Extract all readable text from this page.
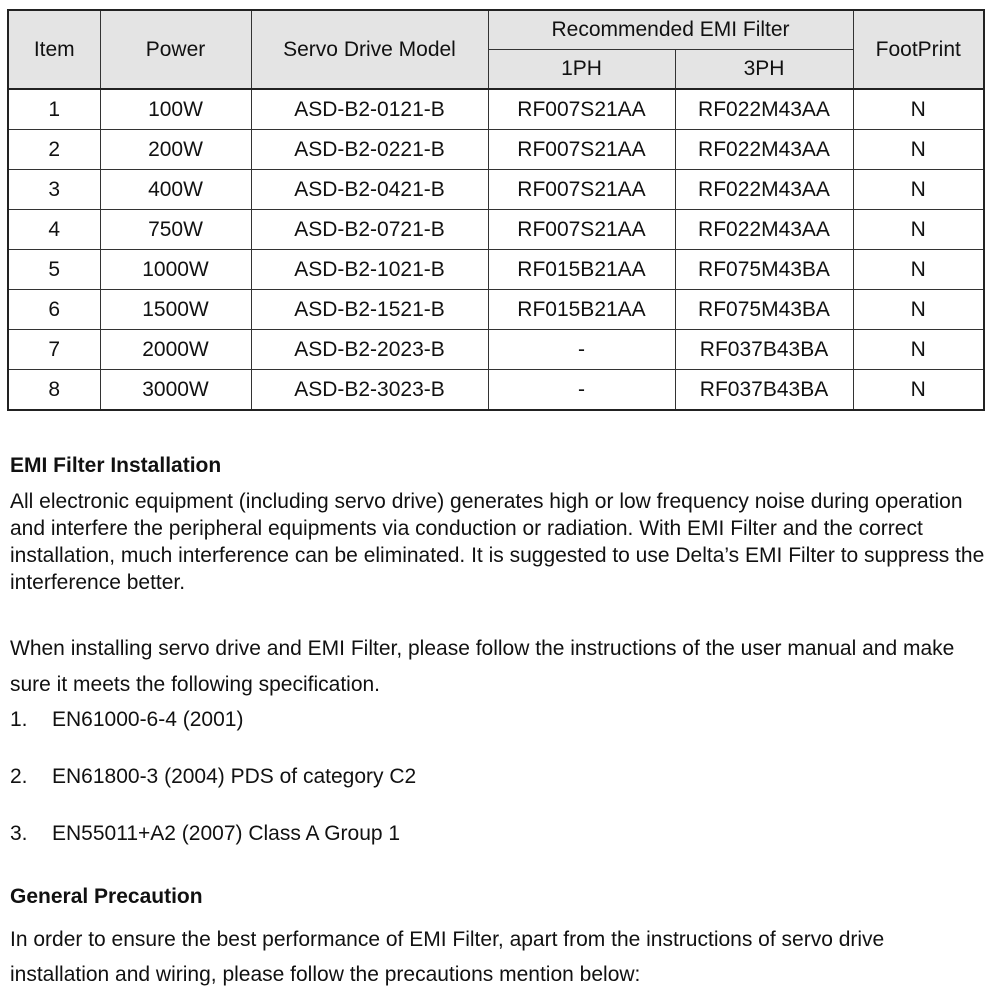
Item	Power	Servo Drive Model	Recommended EMI Filter		FootPrint
			1PH	3PH	
1	100W	ASD-B2-0121-B	RF007S21AA	RF022M43AA	N
2	200W	ASD-B2-0221-B	RF007S21AA	RF022M43AA	N
3	400W	ASD-B2-0421-B	RF007S21AA	RF022M43AA	N
4	750W	ASD-B2-0721-B	RF007S21AA	RF022M43AA	N
5	1000W	ASD-B2-1021-B	RF015B21AA	RF075M43BA	N
6	1500W	ASD-B2-1521-B	RF015B21AA	RF075M43BA	N
7	2000W	ASD-B2-2023-B	-	RF037B43BA	N
8	3000W	ASD-B2-3023-B	-	RF037B43BA	N
EMI Filter Installation

All electronic equipment (including servo drive) generates high or low frequency noise during operation and interfere the peripheral equipments via conduction or radiation. With EMI Filter and the correct installation, much interference can be eliminated. It is suggested to use Delta’s EMI Filter to suppress the interference better.

When installing servo drive and EMI Filter, please follow the instructions of the user manual and make sure it meets the following specification.

1. EN61000-6-4 (2001)
2. EN61800-3 (2004) PDS of category C2
3. EN55011+A2 (2007) Class A Group 1
General Precaution

In order to ensure the best performance of EMI Filter, apart from the instructions of servo drive installation and wiring, please follow the precautions mention below:
